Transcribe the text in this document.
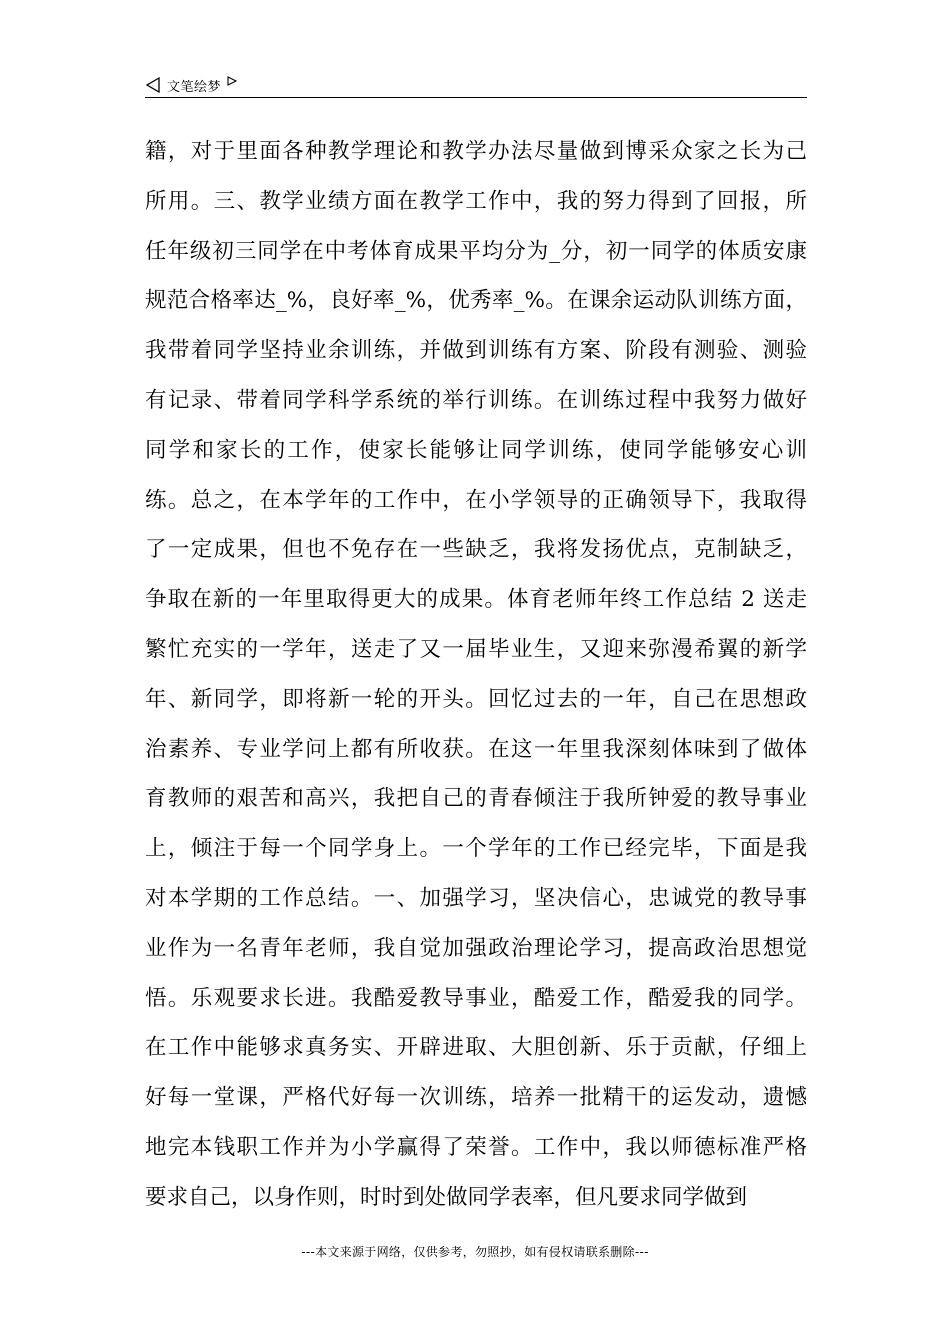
文笔绘梦
籍，对于里面各种教学理论和教学办法尽量做到博采众家之长为己
所用。三、教学业绩方面在教学工作中，我的努力得到了回报，所
任年级初三同学在中考体育成果平均分为_分，初一同学的体质安康
规范合格率达_%，良好率_%，优秀率_%。在课余运动队训练方面，
我带着同学坚持业余训练，并做到训练有方案、阶段有测验、测验
有记录、带着同学科学系统的举行训练。在训练过程中我努力做好
同学和家长的工作，使家长能够让同学训练，使同学能够安心训
练。总之，在本学年的工作中，在小学领导的正确领导下，我取得
了一定成果，但也不免存在一些缺乏，我将发扬优点，克制缺乏，
争取在新的一年里取得更大的成果。体育老师年终工作总结 2 送走
繁忙充实的一学年，送走了又一届毕业生，又迎来弥漫希翼的新学
年、新同学，即将新一轮的开头。回忆过去的一年，自己在思想政
治素养、专业学问上都有所收获。在这一年里我深刻体味到了做体
育教师的艰苦和高兴，我把自己的青春倾注于我所钟爱的教导事业
上，倾注于每一个同学身上。一个学年的工作已经完毕，下面是我
对本学期的工作总结。一、加强学习，坚决信心，忠诚党的教导事
业作为一名青年老师，我自觉加强政治理论学习，提高政治思想觉
悟。乐观要求长进。我酷爱教导事业，酷爱工作，酷爱我的同学。
在工作中能够求真务实、开辟进取、大胆创新、乐于贡献，仔细上
好每一堂课，严格代好每一次训练，培养一批精干的运发动，遗憾
地完本钱职工作并为小学赢得了荣誉。工作中，我以师德标准严格
要求自己，以身作则，时时到处做同学表率，但凡要求同学做到
---本文来源于网络，仅供参考，勿照抄，如有侵权请联系删除---
